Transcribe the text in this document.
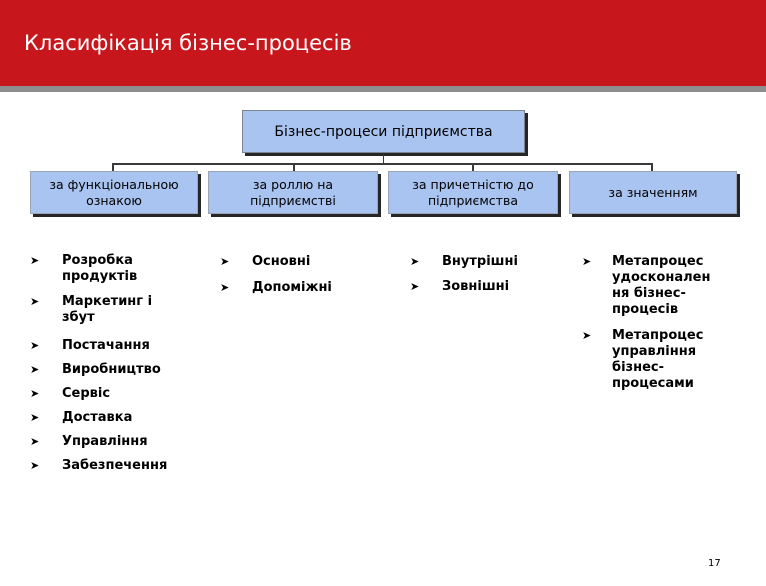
Класифікація бізнес-процесів
Бізнес-процеси підприємства
за функціональною ознакою
за роллю на підприємстві
за причетністю до підприємства
за значенням
➤ Розробка продуктів
➤ Маркетинг і збут
➤ Постачання
➤ Виробництво
➤ Сервіс
➤ Доставка
➤ Управління
➤ Забезпечення
➤ Основні
➤ Допоміжні
➤ Внутрішні
➤ Зовнішні
➤ Метапроцес удосконален ня бізнес-процесів
➤ Метапроцес управління бізнес-процесами
17
